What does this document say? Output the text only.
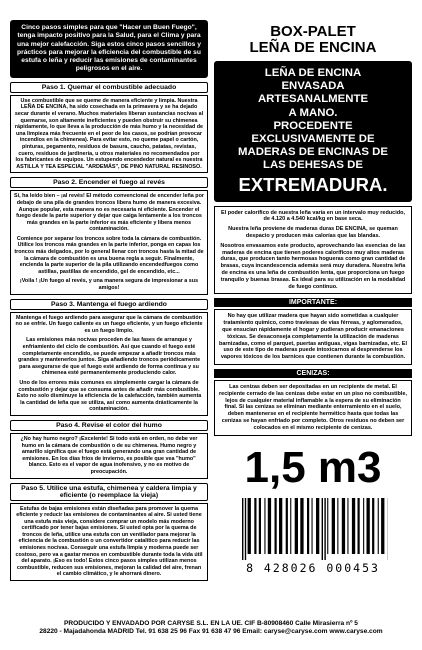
Cinco pasos simples para que "Hacer un Buen Fuego", tenga impacto positivo para la Salud, para el Clima y para una mejor calefacción. Siga estos cinco pasos sencillos y prácticos para mejorar la eficiencia del combustible de su estufa o leña y reducir las emisiones de contaminantes peligrosos en el aire.
Paso 1. Quemar el combustible adecuado

Use combustible que se queme de manera eficiente y limpia. Nuestra LEÑA DE ENCINA, ha sido cosechada en la primavera y se ha dejado secar durante el verano. Muchos materiales liberan sustancias nocivas al quemarse, son altamente ineficientes y pueden obstruir su chimenea rápidamente, lo que lleva a la producción de más humo y la necesidad de una limpieza más frecuente en el peor de los casos, se podrían provocar incendios en la chimenea). Para evitar esto, no queme papel o cartón, pinturas, pegamento, residuos de basura, caucho, patatas, revistas, cuero, residuos de jardinería, u otros materiales no recomendados por los fabricantes de equipos. Un estupendo encendedor natural es nuestra ASTILLA Y TEA ESPECIAL "ARDEMÁS", DE PINO NATURAL RESINOSO.

Paso 2. Encender el fuego al revés

Sí, ha leído bien – ¡al revés! El método convencional de encender leña por debajo de una pila de grandes troncos libera humo de manera excesiva. Aunque popular, esta manera no es necesaria ni eficiente. Encender el fuego desde la parte superior y dejar que caiga lentamente a los troncos más grandes en la parte inferior es más eficiente y libera menos contaminación.

Comience por separar los troncos sobre toda la cámara de combustión. Utilice los troncos más grandes en la parte inferior, ponga en capas los troncos más delgados, por lo general llenar con troncos hasta la mitad de la cámara de combustión es una buena regla a seguir. Finalmente, encienda la parte superior de la pila utilizando encendedfuegos como astillas, pastillas de encendido, gel de encendido, etc...

¡Voila ! ¡Un fuego al revés, y una manera segura de impresionar a sus amigos!

Paso 3. Mantenga el fuego ardiendo

Mantenga el fuego ardiendo para asegurar que la cámara de combustión no se enfríe. Un fuego caliente es un fuego eficiente, y un fuego eficiente es un fuego limpio.

Las emisiones más nocivas proceden de las fases de arranque y enfriamiento del ciclo de combustión. Así que cuando el fuego esté completamente encendido, se puede empezar a añadir troncos más grandes y mantenerlos juntos. Siga añadiendo troncos periódicamente para asegurarse de que el fuego esté ardiendo de forma continua y su chimenea esté permanentemente produciendo calor.

Uno de los errores más comunes es simplemente cargar la cámara de combustión y dejar que se consuma antes de añadir más combustible. Esto no solo disminuye la eficiencia de la calefacción, también aumenta la cantidad de leña que se utiliza, así como aumenta drásticamente la contaminación.

Paso 4. Revise el color del humo

¿No hay humo negro? ¡Excelente! Si todo está en orden, no debe ver humo en la cámara de combustión o de su chimenea. Humo negro y amarillo significa que el fuego está generando una gran cantidad de emisiones. En los días fríos de invierno, es posible que vea "humo" blanco. Esto es el vapor de agua inofensivo, y no es motivo de preocupación.

Paso 5. Utilice una estufa, chimenea y caldera limpia y eficiente (o reemplace la vieja)

Estufas de bajas emisiones están diseñadas para promover la quema eficiente y reducir las emisiones de contaminantes al aire. Si usted tiene una estufa más vieja, considere comprar un modelo más moderno certificado por tener bajas emisiones. Si usted opta por la quema de troncos de leña, utilice una estufa con un ventilador para mejorar la eficiencia de la combustión o un convertidor catalítico para reducir las emisiones nocivas. Conseguir una estufa limpia y moderna puede ser costoso, pero va a gastar menos en combustible durante toda la vida útil del aparato. ¡Eso es todo! Estos cinco pasos simples utilizan menos combustible, reducen sus emisiones, mejoran la calidad del aire, frenan el cambio climático, y le ahorrará dinero.

BOX-PALET
LEÑA DE ENCINA
LEÑA DE ENCINA
ENVASADA
ARTESANALMENTE
A MANO.
PROCEDENTE
EXCLUSIVAMENTE DE
MADERAS DE ENCINAS DE
LAS DEHESAS DE
EXTREMADURA.

El poder calorífico de nuestra leña varía en un intervalo muy reducido, de 4.120 a 4.540 kcal/kg en base seca.

Nuestra leña proviene de maderas duras DE ENCINA, se queman despacio y producen más calorías que las blandas.

Nosotros envasamos este producto, aprovechando las esencias de las maderas de encina que tienen poderes caloríficos muy altos maderas duras, que producen tanto hermosas hogueras como gran cantidad de brasas, cuya incandescencia además será muy duradera. Nuestra leña de encina es una leña de combustión lenta, que proporciona un fuego tranquilo y buenas brasas. Es ideal para su utilización en la modalidad de fuego continuo.

IMPORTANTE:
No hay que utilizar madera que hayan sido sometidas a cualquier tratamiento químico, como traviesas de vías férreas, y aglomerados, que ensucian rápidamente el hogar y pudieran producir emanaciones tóxicas. Se desaconseja completamente la utilización de maderas barnizadas, como el parquet, puertas antiguas, vigas barnizadas, etc. El uso de este tipo de maderas puede intoxicarnos al desprenderse los vapores tóxicos de los barnices que contienen durante la combustión.
CENIZAS:
Las cenizas deben ser depositadas en un recipiente de metal. El recipiente cerrado de las cenizas debe estar en un piso no combustible, lejos de cualquier material inflamable a la espera de su eliminación final. Si las cenizas se eliminan mediante enterramiento en el suelo, deben mantenerse en el recipiente hermético hasta que todas las cenizas se hayan enfriado por completo. Otros residuos no deben ser colocados en el mismo recipiente de cenizas.
1,5 m3
8 428026 000453
PRODUCIDO Y ENVADADO POR CARYSE S.L. EN LA UE. CIF B-80908460 Calle Mirasierra nº 5
28220 - Majadahonda MADRID Tel. 91 638 25 96 Fax 91 638 47 96 Email: caryse@caryse.com www.caryse.com
